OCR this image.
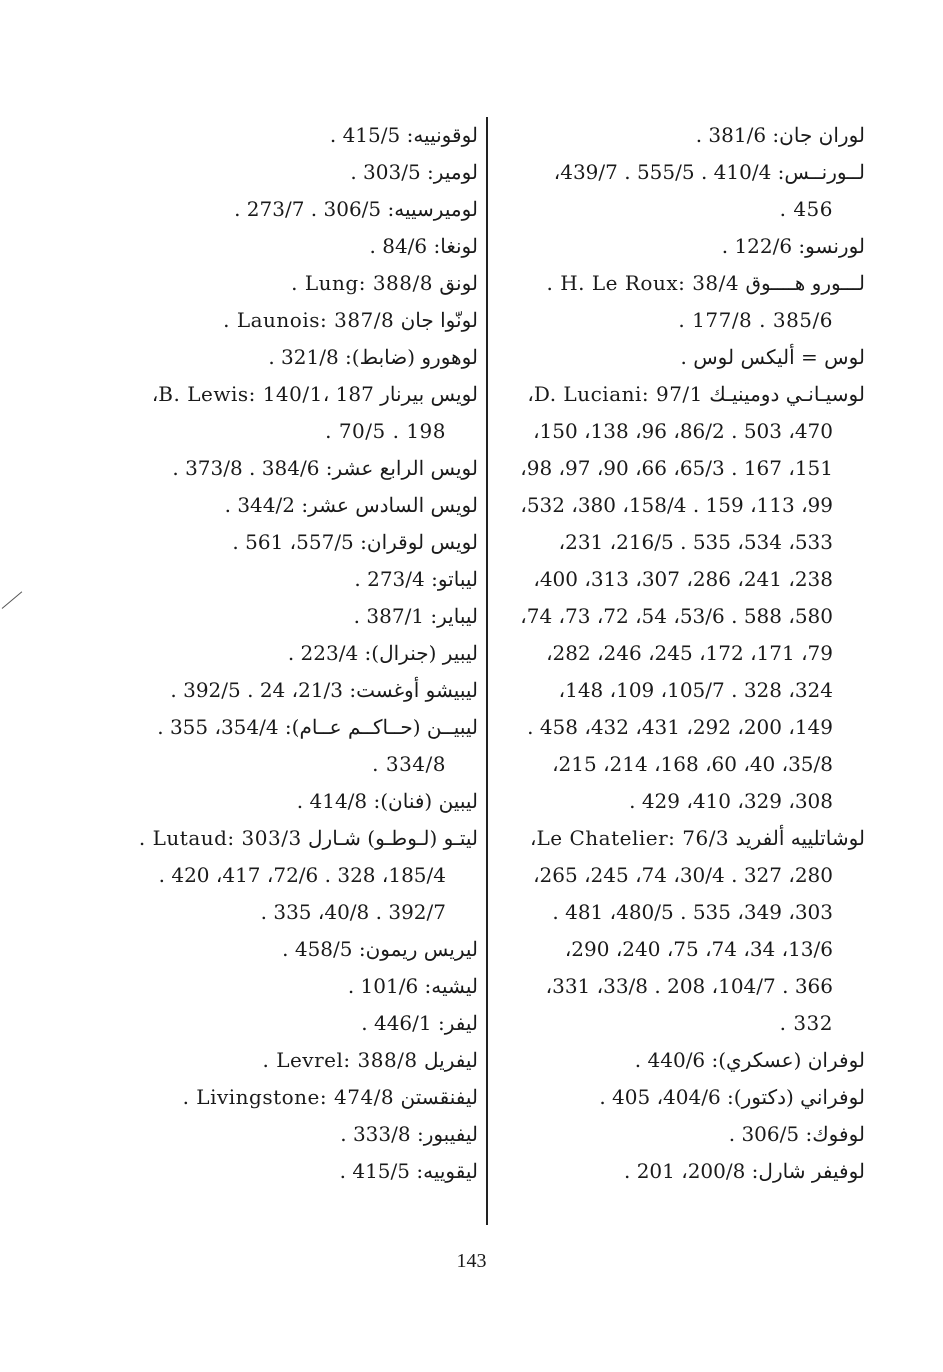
لوران جان: 381/6 .
لــورنــس: 410/4 . 555/5 . 439/7،
456 .
لورنسو: 122/6 .
لـــورو هــــوق H. Le Roux: 38/4 .
385/6 . 177/8 .
لوس = أليكس لوس .
لوسيـانـي دومينيـك D. Luciani: 97/1،
470، 503 . 86/2، 96، 138، 150،
151، 167 . 65/3، 66، 90، 97، 98،
99، 113، 159 . 158/4، 380، 532،
533، 534، 535 . 216/5، 231،
238، 241، 286، 307، 313، 400،
580، 588 . 53/6، 54، 72، 73، 74،
79، 171، 172، 245، 246، 282،
324، 328 . 105/7، 109، 148،
149، 200، 292، 431، 432، 458 .
35/8، 40، 60، 168، 214، 215،
308، 329، 410، 429 .
لوشاتلييه ألفريد Le Chatelier: 76/3،
280، 327 . 30/4، 74، 245، 265،
303، 349، 535 . 480/5، 481 .
13/6، 34، 74، 75، 240، 290،
366 . 104/7، 208 . 33/8، 331،
332 .
لوفران (عسكري): 440/6 .
لوفراني (دكتور): 404/6، 405 .
لوفوك: 306/5 .
لوفيفر شارل: 200/8، 201 .
لوقونييه: 415/5 .
لومير: 303/5 .
لوميرسييه: 306/5 . 273/7 .
لونغا: 84/6 .
لونق Lung: 388/8 .
لونّوا جان Launois: 387/8 .
لوهورو (ضابط): 321/8 .
لويس بيرنار B. Lewis: 140/1، 187،
198 . 70/5 .
لويس الرابع عشر: 384/6 . 373/8 .
لويس السادس عشر: 344/2 .
لويس لوقران: 557/5، 561 .
ليباتو: 273/4 .
ليباير: 387/1 .
ليبير (جنرال): 223/4 .
ليبيشو أوغست: 21/3، 24 . 392/5 .
ليبيــن (حــاكــم عــام): 354/4، 355 .
334/8 .
ليبين (فنان): 414/8 .
ليتـو (لـوطـو) شـارل Lutaud: 303/3 .
185/4، 328 . 72/6، 417، 420 .
392/7 . 40/8، 335 .
ليريس ريمون: 458/5 .
ليشيه: 101/6 .
ليفر: 446/1 .
ليفريل Levrel: 388/8 .
ليفنقستن Livingstone: 474/8 .
ليفيبور: 333/8 .
ليقوييه: 415/5 .
143
